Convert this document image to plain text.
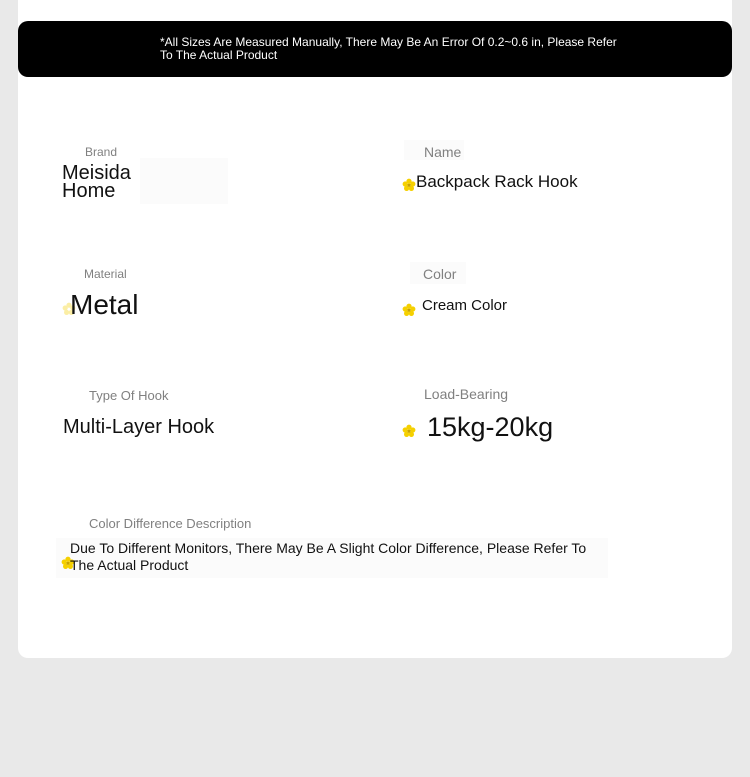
*All Sizes Are Measured Manually, There May Be An Error Of 0.2~0.6 in, Please Refer To The Actual Product
Brand
Meisida Home
Name
Backpack Rack Hook
Material
Metal
Color
Cream Color
Type Of Hook
Multi-Layer Hook
Load-Bearing
15kg-20kg
Color Difference Description
Due To Different Monitors, There May Be A Slight Color Difference, Please Refer To The Actual Product
